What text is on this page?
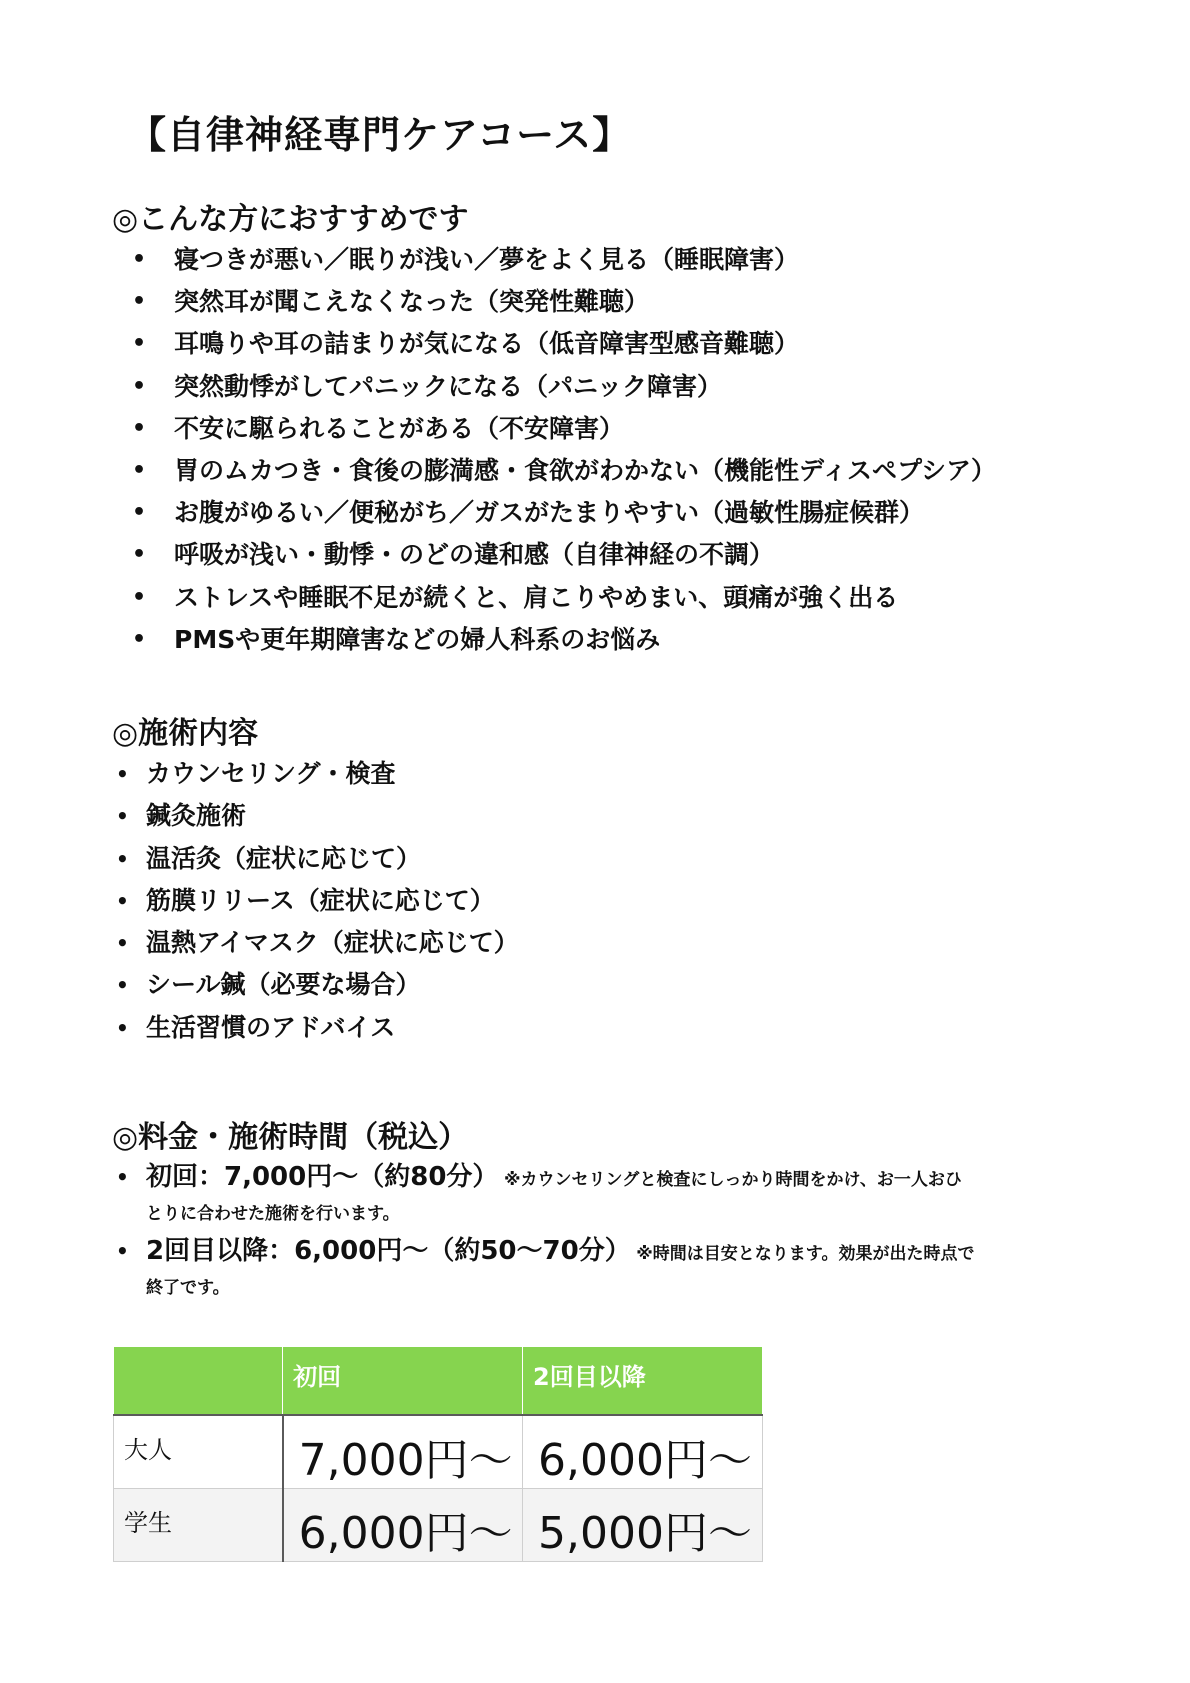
【自律神経専門ケアコース】
◎こんな方におすすめです
• 寝つきが悪い／眠りが浅い／夢をよく見る（睡眠障害）
• 突然耳が聞こえなくなった（突発性難聴）
• 耳鳴りや耳の詰まりが気になる（低音障害型感音難聴）
• 突然動悸がしてパニックになる（パニック障害）
• 不安に駆られることがある（不安障害）
• 胃のムカつき・食後の膨満感・食欲がわかない（機能性ディスペプシア）
• お腹がゆるい／便秘がち／ガスがたまりやすい（過敏性腸症候群）
• 呼吸が浅い・動悸・のどの違和感（自律神経の不調）
• ストレスや睡眠不足が続くと、肩こりやめまい、頭痛が強く出る
• PMSや更年期障害などの婦人科系のお悩み
◎施術内容
• カウンセリング・検査
• 鍼灸施術
• 温活灸（症状に応じて）
• 筋膜リリース（症状に応じて）
• 温熱アイマスク（症状に応じて）
• シール鍼（必要な場合）
• 生活習慣のアドバイス
◎料金・施術時間（税込）
• 初回：7,000円〜（約80分） ※カウンセリングと検査にしっかり時間をかけ、お一人おひ
とりに合わせた施術を行います。
• 2回目以降：6,000円〜（約50〜70分） ※時間は目安となります。効果が出た時点で
終了です。
	初回	2回目以降
大人	7,000円〜	6,000円〜
学生	6,000円〜	5,000円〜
